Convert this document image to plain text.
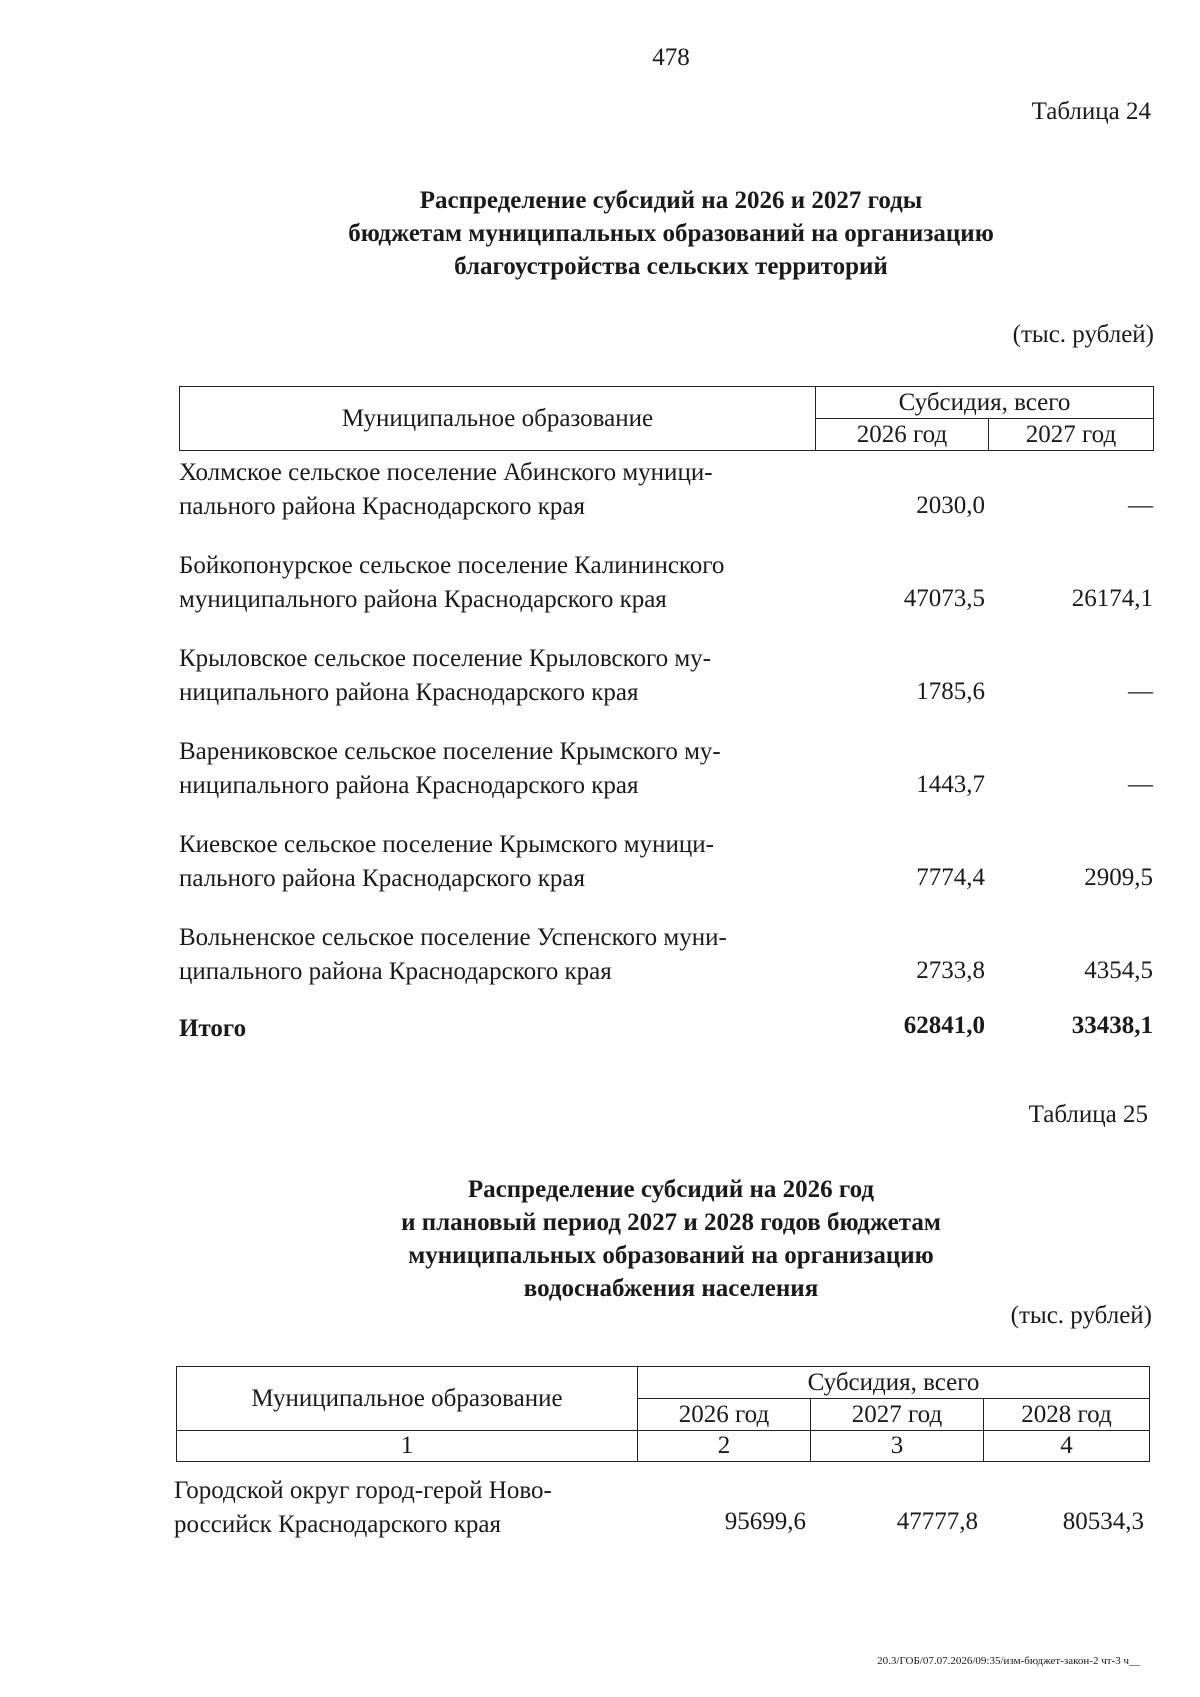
478
Таблица 24
Распределение субсидий на 2026 и 2027 годы
бюджетам муниципальных образований на организацию
благоустройства сельских территорий
(тыс. рублей)
Муниципальное образование	Субсидия, всего	
	2026 год	2027 год
Холмское сельское поселение Абинского муници-
пального района Краснодарского края	2030,0	—
Бойкопонурское сельское поселение Калининского
муниципального района Краснодарского края	47073,5	26174,1
Крыловское сельское поселение Крыловского му-
ниципального района Краснодарского края	1785,6	—
Варениковское сельское поселение Крымского му-
ниципального района Краснодарского края	1443,7	—
Киевское сельское поселение Крымского муници-
пального района Краснодарского края	7774,4	2909,5
Вольненское сельское поселение Успенского муни-
ципального района Краснодарского края	2733,8	4354,5
Итого	62841,0	33438,1
Таблица 25
Распределение субсидий на 2026 год
и плановый период 2027 и 2028 годов бюджетам
муниципальных образований на организацию
водоснабжения населения
(тыс. рублей)
Муниципальное образование	Субсидия, всего		
	2026 год	2027 год	2028 год
1	2	3	4
Городской округ город-герой Ново-
российск Краснодарского края	95699,6	47777,8	80534,3
20.3/ГОБ/07.07.2026/09:35/изм-бюджет-закон-2 чт-3 ч__
